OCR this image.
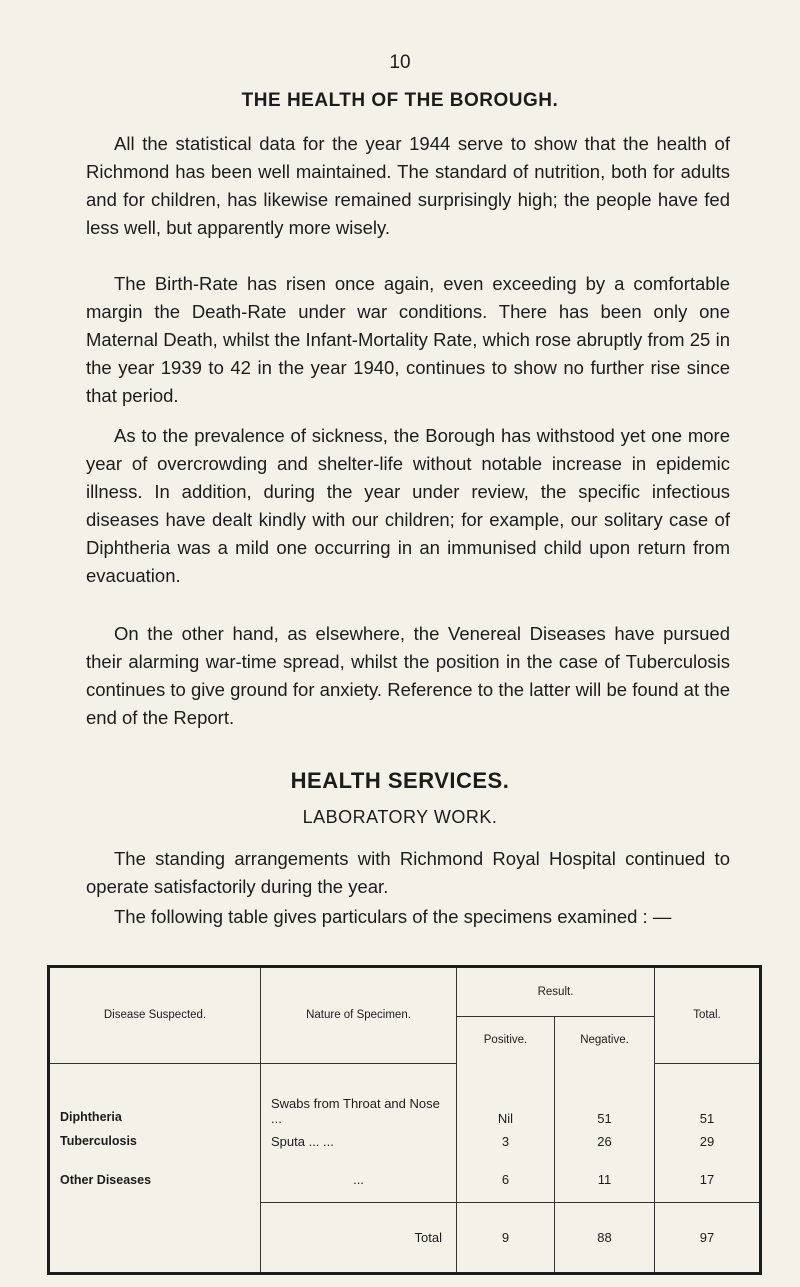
10
THE HEALTH OF THE BOROUGH.

All the statistical data for the year 1944 serve to show that the health of Richmond has been well maintained. The standard of nutrition, both for adults and for children, has likewise remained surprisingly high; the people have fed less well, but apparently more wisely.

The Birth-Rate has risen once again, even exceeding by a comfortable margin the Death-Rate under war conditions. There has been only one Maternal Death, whilst the Infant-Mortality Rate, which rose abruptly from 25 in the year 1939 to 42 in the year 1940, continues to show no further rise since that period.

As to the prevalence of sickness, the Borough has withstood yet one more year of overcrowding and shelter-life without notable increase in epidemic illness. In addition, during the year under review, the specific infectious diseases have dealt kindly with our children; for example, our solitary case of Diphtheria was a mild one occurring in an immunised child upon return from evacuation.

On the other hand, as elsewhere, the Venereal Diseases have pursued their alarming war-time spread, whilst the position in the case of Tuberculosis continues to give ground for anxiety. Reference to the latter will be found at the end of the Report.

HEALTH SERVICES.
LABORATORY WORK.

The standing arrangements with Richmond Royal Hospital continued to operate satisfactorily during the year.

The following table gives particulars of the specimens examined : —

Disease Suspected.	Nature of Specimen.	Result.		Total.
		Positive.	Negative.	
Diphtheria	Swabs from Throat and Nose ...	Nil	51	51
Tuberculosis	Sputa ... ...	3	26	29
Other Diseases	...	6	11	17
	Total	9	88	97
